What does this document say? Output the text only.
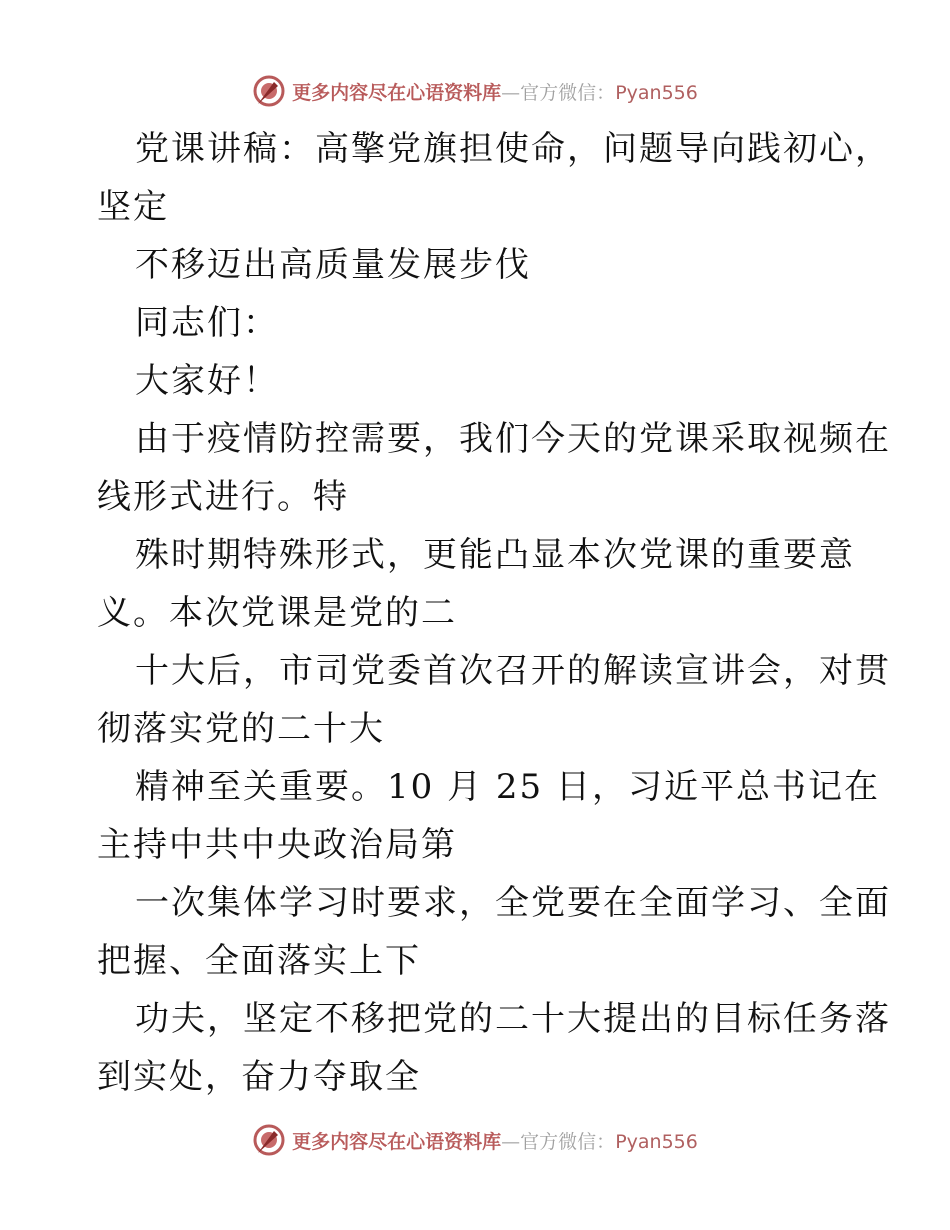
更多内容尽在心语资料库—官方微信：Pyan556
党课讲稿：高擎党旗担使命，问题导向践初心，
坚定
不移迈出高质量发展步伐
同志们：
大家好！
由于疫情防控需要，我们今天的党课采取视频在
线形式进行。特
殊时期特殊形式，更能凸显本次党课的重要意
义。本次党课是党的二
十大后，市司党委首次召开的解读宣讲会，对贯
彻落实党的二十大
精神至关重要。10 月 25 日，习近平总书记在
主持中共中央政治局第
一次集体学习时要求，全党要在全面学习、全面
把握、全面落实上下
功夫，坚定不移把党的二十大提出的目标任务落
到实处，奋力夺取全
更多内容尽在心语资料库—官方微信：Pyan556
